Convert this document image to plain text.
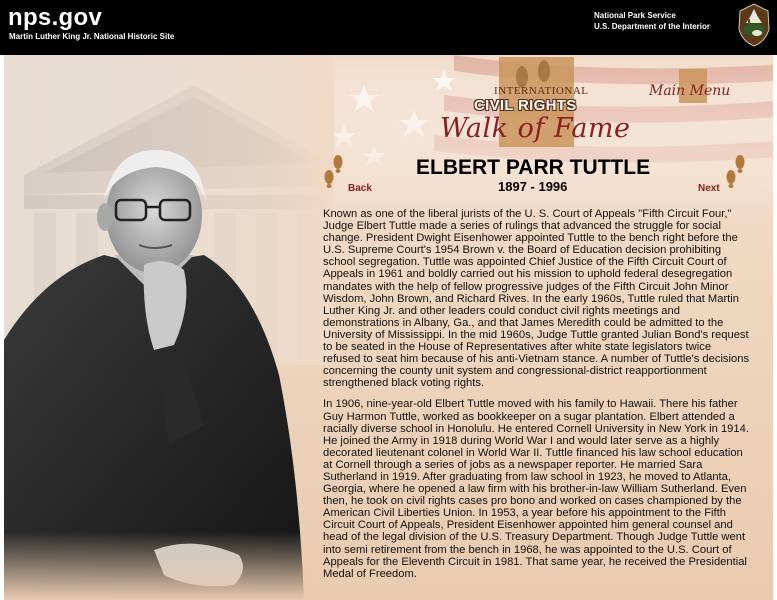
nps.gov
Martin Luther King Jr. National Historic Site
National Park Service
U.S. Department of the Interior
INTERNATIONAL
CIVIL RIGHTS
Walk of Fame
Main Menu
ELBERT PARR TUTTLE
1897 - 1996
Back	Next

Known as one of the liberal jurists of the U. S. Court of Appeals "Fifth Circuit Four," Judge Elbert Tuttle made a series of rulings that advanced the struggle for social change. President Dwight Eisenhower appointed Tuttle to the bench right before the U.S. Supreme Court's 1954 Brown v. the Board of Education decision prohibiting school segregation. Tuttle was appointed Chief Justice of the Fifth Circuit Court of Appeals in 1961 and boldly carried out his mission to uphold federal desegregation mandates with the help of fellow progressive judges of the Fifth Circuit John Minor Wisdom, John Brown, and Richard Rives. In the early 1960s, Tuttle ruled that Martin Luther King Jr. and other leaders could conduct civil rights meetings and demonstrations in Albany, Ga., and that James Meredith could be admitted to the University of Mississippi. In the mid 1960s, Judge Tuttle granted Julian Bond's request to be seated in the House of Representatives after white state legislators twice refused to seat him because of his anti-Vietnam stance. A number of Tuttle's decisions concerning the county unit system and congressional-district reapportionment strengthened black voting rights.

In 1906, nine-year-old Elbert Tuttle moved with his family to Hawaii. There his father Guy Harmon Tuttle, worked as bookkeeper on a sugar plantation. Elbert attended a racially diverse school in Honolulu. He entered Cornell University in New York in 1914. He joined the Army in 1918 during World War I and would later serve as a highly decorated lieutenant colonel in World War II. Tuttle financed his law school education at Cornell through a series of jobs as a newspaper reporter. He married Sara Sutherland in 1919. After graduating from law school in 1923, he moved to Atlanta, Georgia, where he opened a law firm with his brother-in-law William Sutherland. Even then, he took on civil rights cases pro bono and worked on cases championed by the American Civil Liberties Union. In 1953, a year before his appointment to the Fifth Circuit Court of Appeals, President Eisenhower appointed him general counsel and head of the legal division of the U.S. Treasury Department. Though Judge Tuttle went into semi retirement from the bench in 1968, he was appointed to the U.S. Court of Appeals for the Eleventh Circuit in 1981. That same year, he received the Presidential Medal of Freedom.
